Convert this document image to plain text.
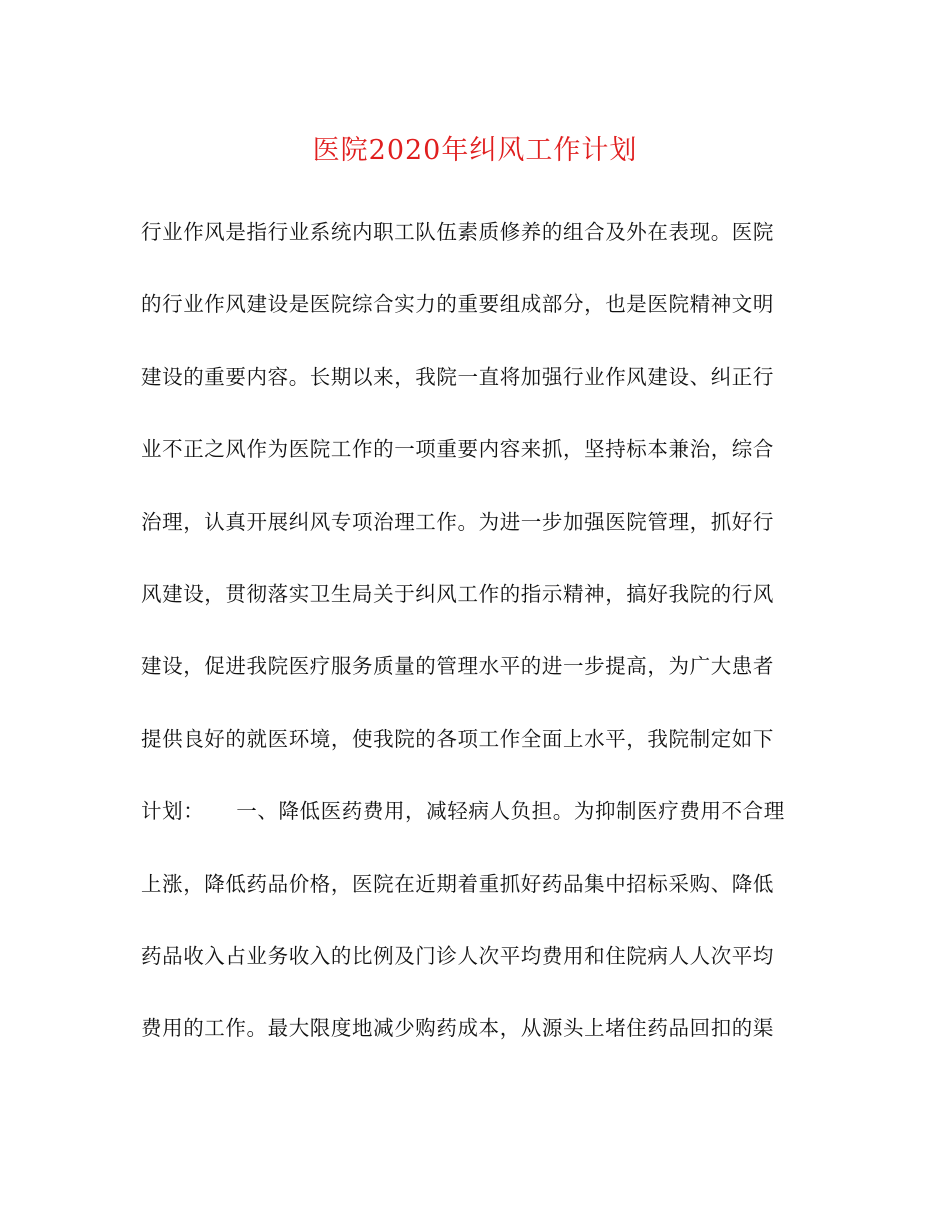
医院2020年纠风工作计划
行业作风是指行业系统内职工队伍素质修养的组合及外在表现。医院
的行业作风建设是医院综合实力的重要组成部分，也是医院精神文明
建设的重要内容。长期以来，我院一直将加强行业作风建设、纠正行
业不正之风作为医院工作的一项重要内容来抓，坚持标本兼治，综合
治理，认真开展纠风专项治理工作。为进一步加强医院管理，抓好行
风建设，贯彻落实卫生局关于纠风工作的指示精神，搞好我院的行风
建设，促进我院医疗服务质量的管理水平的进一步提高，为广大患者
提供良好的就医环境，使我院的各项工作全面上水平，我院制定如下
计划：　　一、降低医药费用，减轻病人负担。为抑制医疗费用不合理
上涨，降低药品价格，医院在近期着重抓好药品集中招标采购、降低
药品收入占业务收入的比例及门诊人次平均费用和住院病人人次平均
费用的工作。最大限度地减少购药成本，从源头上堵住药品回扣的渠
